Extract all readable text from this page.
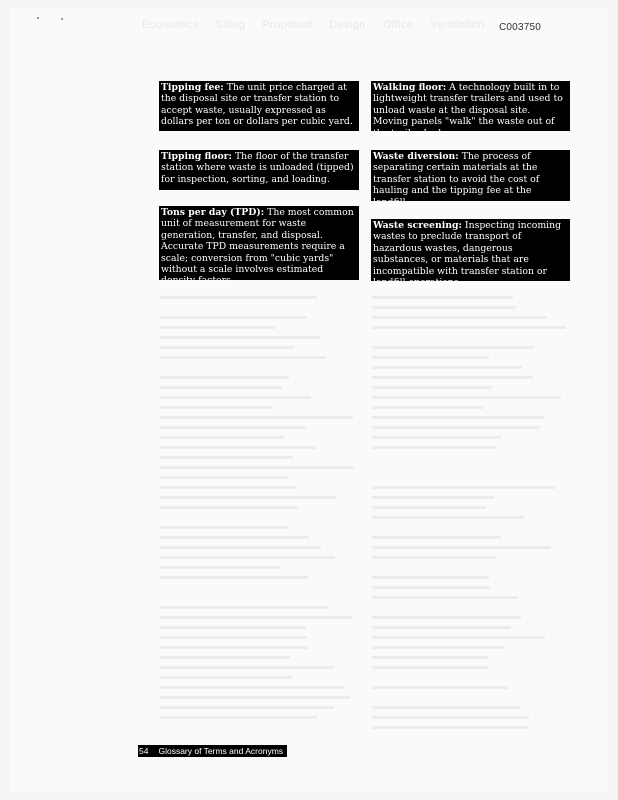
Economics Siting Proposed Design Office Ventilation	C003750
Tipping fee: The unit price charged at the disposal site or transfer station to accept waste, usually expressed as dollars per ton or dollars per cubic yard.
Walking floor: A technology built in to lightweight transfer trailers and used to unload waste at the disposal site. Moving panels "walk" the waste out of the trailer bed.
Tipping floor: The floor of the transfer station where waste is unloaded (tipped) for inspection, sorting, and loading.
Waste diversion: The process of separating certain materials at the transfer station to avoid the cost of hauling and the tipping fee at the landfill.
Tons per day (TPD): The most common unit of measurement for waste generation, transfer, and disposal. Accurate TPD measurements require a scale; conversion from "cubic yards" without a scale involves estimated density factors.
Waste screening: Inspecting incoming wastes to preclude transport of hazardous wastes, dangerous substances, or materials that are incompatible with transfer station or landfill operations.
54 Glossary of Terms and Acronyms
